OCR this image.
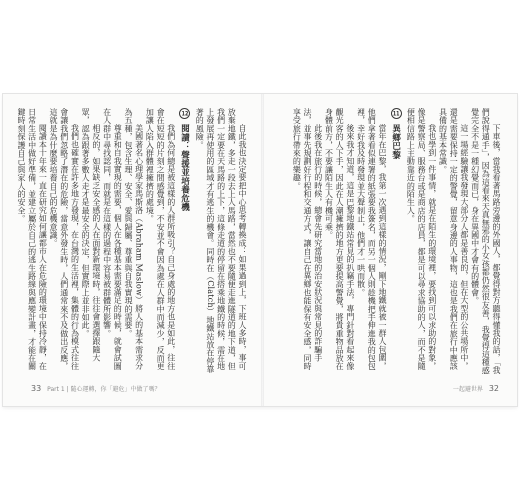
自此我也決定要把中心思考轉換成：如果過到上，下班人多時，事可放棄地鐵，多走一段去上人馬路，當然也不要隨便走進隧道的地下道，但我們一定要在天馬路的上下，這條走道的停留在搭乘地鐵的時候，需在地上發展再使用的區域才有逃生的機會。同時在（Clatch）地鐵站放在停靠著的風險。

12 閱讀：聲援並培養危機

我們為何總是被這樣的人群所吸引？自己身處的地方也是如此，往往會在短短的片刻之間感覺到，不安並不會因為處在人群中而減少，反而更加讓人陷入群體裡擁擠的處境。

美國著名心理學家馬斯洛（Abraham Maslow）將人的基本需求分為五種，包含生理、安全、愛與歸屬、尊重與自我實現的需要。

尊重和自我實現的需要，個人在各種基本需要滿足的時候，就會試圖在人群中尋找認同，而就是在這樣的過程中容易被群體所影響。

相反的，如果缺乏安全感的人在面對新環境時，往往會選擇跟隨大眾，認為跟著多數人走才是最安全的決定，但實際上並非如此。

我們也確實在許多地方發現，在台灣的生活裡，集體的行為模式往往會讓我們忽略了潛在的危險，當意外發生時，人們通常來不及做出反應，這就是為什麼要培養自己的危機意識。

閱讀本十年來一直在研究如何讓都市人在危險的環境中保持冷靜，在日常生活中做好準備，並建立屬於自己的逃生路線與應變計畫，才能在關鍵時刻保護自己與家人的安全。	下車後，當我看著馬路旁邊的外國人，都覺得對方聽得懂我的話，「我們說得通手」，因為這看來天真無邪的小女孩都仍然很友善，我覺得這種感覺完全不是一種幻覺而已，身在異國中才會有的體會。

這一場經驗讓我發現大部分人都是善良的，但在大型的公共場所中，還是需要保持一定的警覺，留意身邊的人事物，這也是我們在旅行中應該具備的基本常識。

我也學到一件事情，就是在陌生的環境裡，要找到可以求助的對象，像是警察局、服務台或是商店的店員，都是可以尋求協助的人，而不是隨便相信路上主動靠近的陌生人。

11 異鄉巴黎

當年在巴黎，我第一次遇到這樣的情況，剛下地鐵就被一群人包圍，他們拿著看似連署的紙張要我簽名，而另一個人則趁機把手伸進我的包包裡，幸好我及時發現並大聲制止，他們才一哄而散。

後來我才知道，這是巴黎地鐵站常見的扒竊手法，專門針對看起來像觀光客的人下手，因此在人潮擁擠的地方更要提高警覺，將貴重物品放在身體前方，不要讓陌生人有機可乘。

此後我在旅行的時候，總會先研究當地的治安狀況與常見的詐騙手法，並事先規劃好行程和交通方式，讓自己在異鄉也能保有安全感，同時享受旅行帶來的樂趣。

33 Part 1 | 隨心運轉，你「避危」中做了嗎？	一起避世界 32
